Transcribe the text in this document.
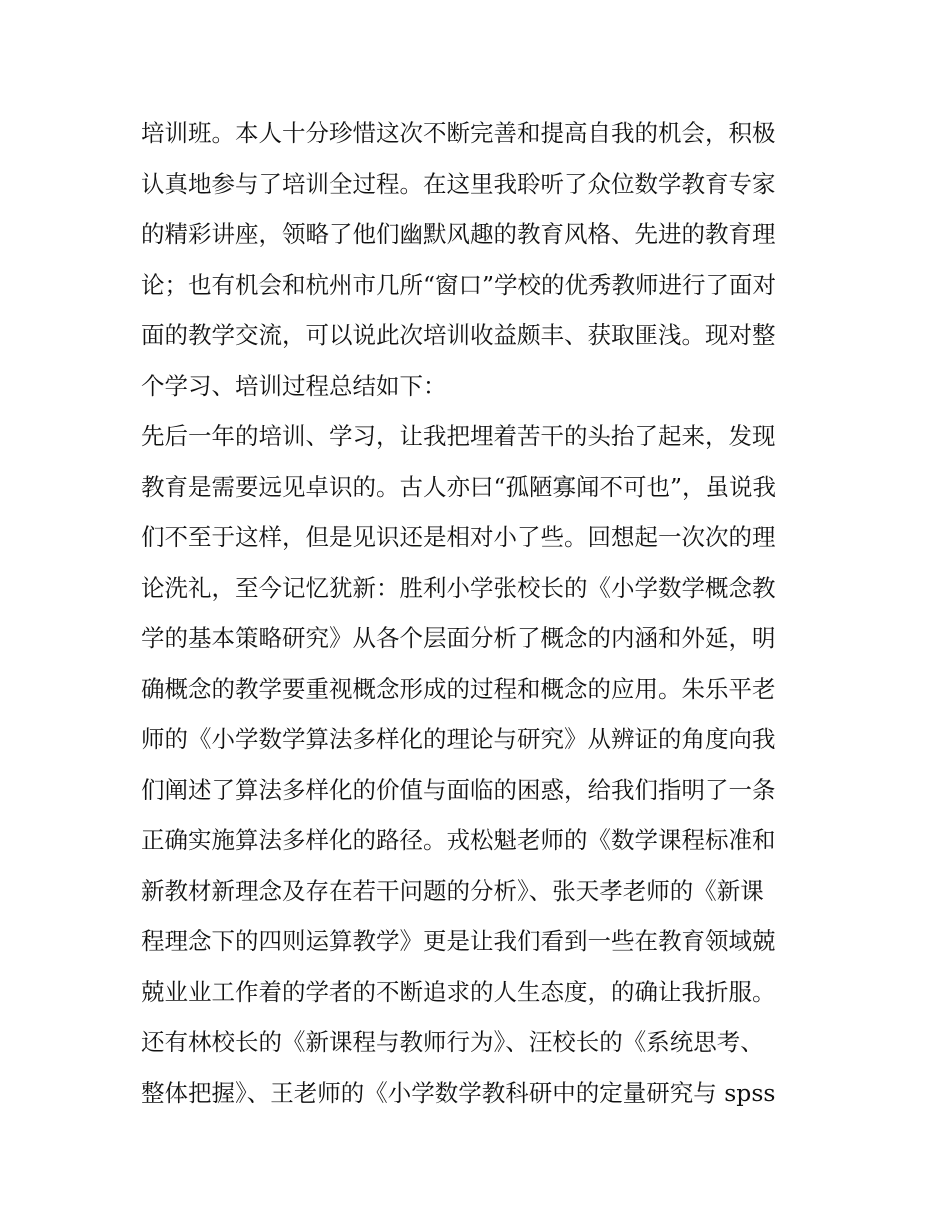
培训班。本人十分珍惜这次不断完善和提高自我的机会，积极
认真地参与了培训全过程。在这里我聆听了众位数学教育专家
的精彩讲座，领略了他们幽默风趣的教育风格、先进的教育理
论；也有机会和杭州市几所“窗口”学校的优秀教师进行了面对
面的教学交流，可以说此次培训收益颇丰、获取匪浅。现对整
个学习、培训过程总结如下：
先后一年的培训、学习，让我把埋着苦干的头抬了起来，发现
教育是需要远见卓识的。古人亦曰“孤陋寡闻不可也”，虽说我
们不至于这样，但是见识还是相对小了些。回想起一次次的理
论洗礼，至今记忆犹新：胜利小学张校长的《小学数学概念教
学的基本策略研究》从各个层面分析了概念的内涵和外延，明
确概念的教学要重视概念形成的过程和概念的应用。朱乐平老
师的《小学数学算法多样化的理论与研究》从辨证的角度向我
们阐述了算法多样化的价值与面临的困惑，给我们指明了一条
正确实施算法多样化的路径。戎松魁老师的《数学课程标准和
新教材新理念及存在若干问题的分析》、张天孝老师的《新课
程理念下的四则运算教学》更是让我们看到一些在教育领域兢
兢业业工作着的学者的不断追求的人生态度，的确让我折服。
还有林校长的《新课程与教师行为》、汪校长的《系统思考、
整体把握》、王老师的《小学数学教科研中的定量研究与 spss
